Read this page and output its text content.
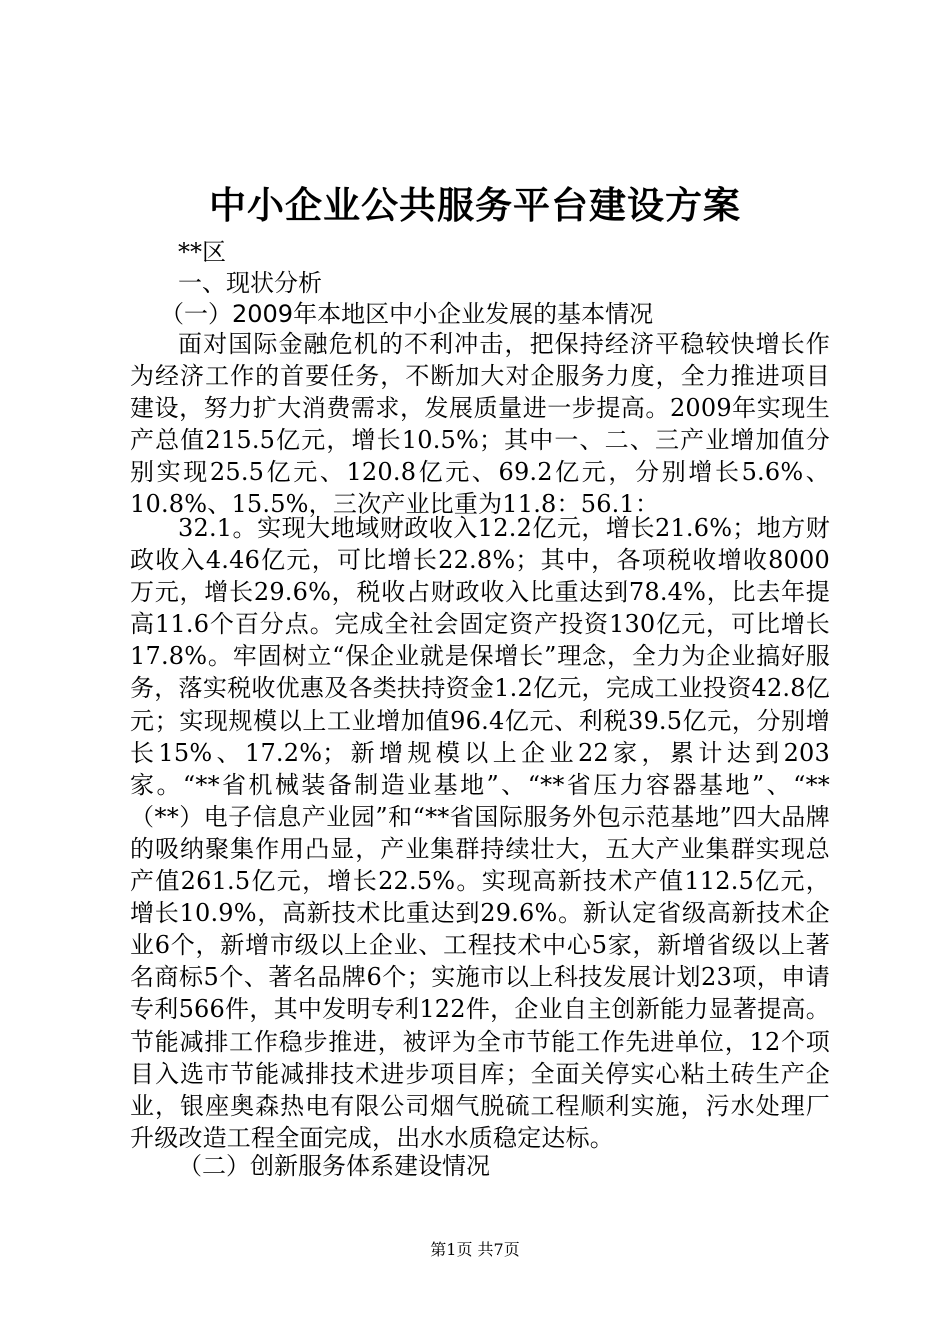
中小企业公共服务平台建设方案
**区
一、现状分析
（一）2009年本地区中小企业发展的基本情况

面对国际金融危机的不利冲击，把保持经济平稳较快增长作为经济工作的首要任务，不断加大对企服务力度，全力推进项目建设，努力扩大消费需求，发展质量进一步提高。2009年实现生产总值215.5亿元，增长10.5%；其中一、二、三产业增加值分别实现25.5亿元、120.8亿元、69.2亿元，分别增长5.6%、10.8%、15.5%，三次产业比重为11.8：56.1：

32.1。实现大地域财政收入12.2亿元，增长21.6%；地方财政收入4.46亿元，可比增长22.8%；其中，各项税收增收8000万元，增长29.6%，税收占财政收入比重达到78.4%，比去年提高11.6个百分点。完成全社会固定资产投资130亿元，可比增长17.8%。牢固树立“保企业就是保增长”理念，全力为企业搞好服务，落实税收优惠及各类扶持资金1.2亿元，完成工业投资42.8亿元；实现规模以上工业增加值96.4亿元、利税39.5亿元，分别增长15%、17.2%；新增规模以上企业22家，累计达到203家。“**省机械装备制造业基地”、“**省压力容器基地”、“**（**）电子信息产业园”和“**省国际服务外包示范基地”四大品牌的吸纳聚集作用凸显，产业集群持续壮大，五大产业集群实现总产值261.5亿元，增长22.5%。实现高新技术产值112.5亿元，增长10.9%，高新技术比重达到29.6%。新认定省级高新技术企业6个，新增市级以上企业、工程技术中心5家，新增省级以上著名商标5个、著名品牌6个；实施市以上科技发展计划23项，申请专利566件，其中发明专利122件，企业自主创新能力显著提高。节能减排工作稳步推进，被评为全市节能工作先进单位，12个项目入选市节能减排技术进步项目库；全面关停实心粘土砖生产企业，银座奥森热电有限公司烟气脱硫工程顺利实施，污水处理厂升级改造工程全面完成，出水水质稳定达标。

（二）创新服务体系建设情况
第1页 共7页
